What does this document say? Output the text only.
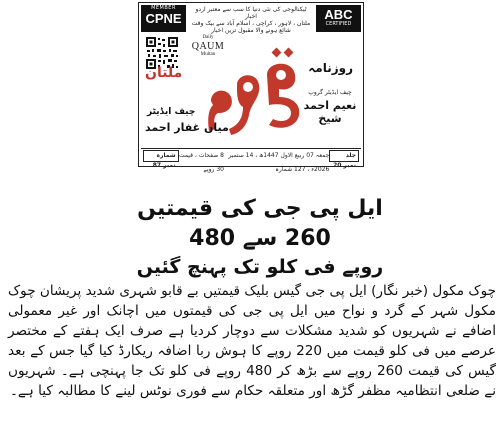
MEMBER
CPNE
ٹیکنالوجی کی نئی دنیا کا سب سے معتبر اردو اخبار
ملتان ، لاہور ، کراچی ، اسلام آباد سے بیک وقت شائع ہونے والا مقبول ترین اخبار
ABC
CERTIFIED
Daily
QAUM
Multan
روزنامہ
ملتان
چیف ایڈیٹر گروپ
نعیم احمد شیخ
چیف ایڈیٹر
میاں غفار احمد
جلد نمبر 20
جمعہ 07 ربیع الاول 1447ھ ، 14 ستمبر 2026ء ، 127 شمارہ
8 صفحات ، قیمت 30 روپے
شمارہ نمبر 87
ایل پی جی کی قیمتیں 260 سے 480
روپے فی کلو تک پہنچ گئیں

چوک مکول (خبر نگار) ایل پی جی گیس بلیک قیمتیں بے قابو شہری شدید پریشان چوک مکول شہر کے گرد و نواح میں ایل پی جی کی قیمتوں میں اچانک اور غیر معمولی اضافے نے شہریوں کو شدید مشکلات سے دوچار کردیا ہے صرف ایک ہفتے کے مختصر عرصے میں فی کلو قیمت میں 220 روپے کا ہوش ربا اضافہ ریکارڈ کیا گیا جس کے بعد گیس کی قیمت 260 روپے سے بڑھ کر 480 روپے فی کلو تک جا پہنچی ہے۔ شہریوں نے ضلعی انتظامیہ مظفر گڑھ اور متعلقہ حکام سے فوری نوٹس لینے کا مطالبہ کیا ہے۔
